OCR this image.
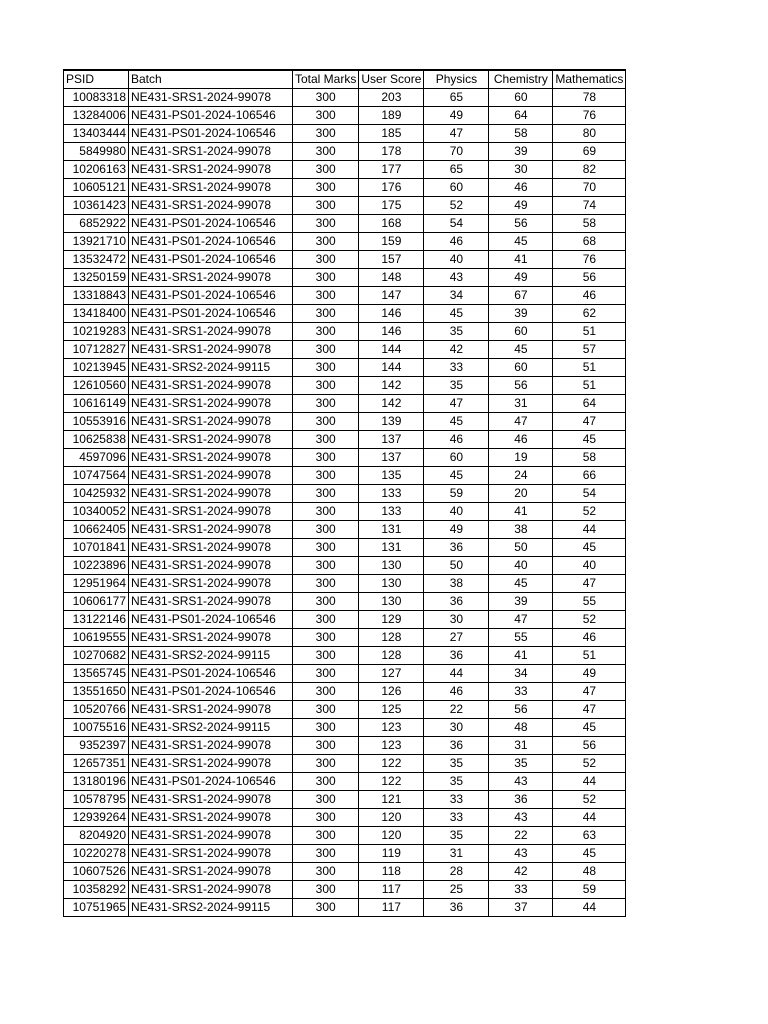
PSID	Batch	Total Marks	User Score	Physics	Chemistry	Mathematics
10083318	NE431-SRS1-2024-99078	300	203	65	60	78
13284006	NE431-PS01-2024-106546	300	189	49	64	76
13403444	NE431-PS01-2024-106546	300	185	47	58	80
5849980	NE431-SRS1-2024-99078	300	178	70	39	69
10206163	NE431-SRS1-2024-99078	300	177	65	30	82
10605121	NE431-SRS1-2024-99078	300	176	60	46	70
10361423	NE431-SRS1-2024-99078	300	175	52	49	74
6852922	NE431-PS01-2024-106546	300	168	54	56	58
13921710	NE431-PS01-2024-106546	300	159	46	45	68
13532472	NE431-PS01-2024-106546	300	157	40	41	76
13250159	NE431-SRS1-2024-99078	300	148	43	49	56
13318843	NE431-PS01-2024-106546	300	147	34	67	46
13418400	NE431-PS01-2024-106546	300	146	45	39	62
10219283	NE431-SRS1-2024-99078	300	146	35	60	51
10712827	NE431-SRS1-2024-99078	300	144	42	45	57
10213945	NE431-SRS2-2024-99115	300	144	33	60	51
12610560	NE431-SRS1-2024-99078	300	142	35	56	51
10616149	NE431-SRS1-2024-99078	300	142	47	31	64
10553916	NE431-SRS1-2024-99078	300	139	45	47	47
10625838	NE431-SRS1-2024-99078	300	137	46	46	45
4597096	NE431-SRS1-2024-99078	300	137	60	19	58
10747564	NE431-SRS1-2024-99078	300	135	45	24	66
10425932	NE431-SRS1-2024-99078	300	133	59	20	54
10340052	NE431-SRS1-2024-99078	300	133	40	41	52
10662405	NE431-SRS1-2024-99078	300	131	49	38	44
10701841	NE431-SRS1-2024-99078	300	131	36	50	45
10223896	NE431-SRS1-2024-99078	300	130	50	40	40
12951964	NE431-SRS1-2024-99078	300	130	38	45	47
10606177	NE431-SRS1-2024-99078	300	130	36	39	55
13122146	NE431-PS01-2024-106546	300	129	30	47	52
10619555	NE431-SRS1-2024-99078	300	128	27	55	46
10270682	NE431-SRS2-2024-99115	300	128	36	41	51
13565745	NE431-PS01-2024-106546	300	127	44	34	49
13551650	NE431-PS01-2024-106546	300	126	46	33	47
10520766	NE431-SRS1-2024-99078	300	125	22	56	47
10075516	NE431-SRS2-2024-99115	300	123	30	48	45
9352397	NE431-SRS1-2024-99078	300	123	36	31	56
12657351	NE431-SRS1-2024-99078	300	122	35	35	52
13180196	NE431-PS01-2024-106546	300	122	35	43	44
10578795	NE431-SRS1-2024-99078	300	121	33	36	52
12939264	NE431-SRS1-2024-99078	300	120	33	43	44
8204920	NE431-SRS1-2024-99078	300	120	35	22	63
10220278	NE431-SRS1-2024-99078	300	119	31	43	45
10607526	NE431-SRS1-2024-99078	300	118	28	42	48
10358292	NE431-SRS1-2024-99078	300	117	25	33	59
10751965	NE431-SRS2-2024-99115	300	117	36	37	44
